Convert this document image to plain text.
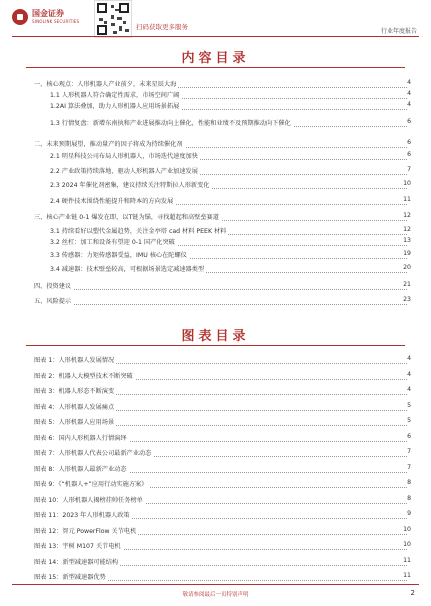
国金证券
SINOLINK SECURITIES
扫码获取更多服务
行业年度报告
内容目录
一、核心观点：人形机器人产业前夕，未来星辰大海	4
1.1 人形机器人符合确定性需求，市场空间广阔	4
1.2AI 算法叠加，助力人形机器人应用场景拓展	4
1.3 行情复盘：新增东南执和产业进展推动向上催化，性能和业绩不及预期推动向下催化	6
二、未来预期展望，推动量产的因子将成为持续催化剂	6
2.1 明星科技公司布局人形机器人，市场迭代速度加快	6
2.2 产业政策持续落地，驱动人形机器人产业加速发展	7
2.3 2024 年催化剂密集，建议持续关注特斯拉人形新变化	10
2.4 硬件技术围绕性能提升和降本的方向发展	11
三、核心产业链 0-1 爆发在即，以T链为锚，寻找超起和高壁垒赛道	12
3.1 持续看好以塑代金属趋势，关注金亭塔 cad 材料 PEEK 材料	12
3.2 丝杠：加工和设备有望迎 0-1 国产化突破	13
3.3 传感器：力矩传感器受益，IMU 核心在陀螺仪	19
3.4 减速器：技术壁垒较高，可根据场景选定减速器类型	20
四、投资建议	21
五、风险提示	23
图表目录
图表 1：人形机器人发展情况	4
图表 2：机器人大模型技术不断突破	4
图表 3：机器人形态不断演变	4
图表 4：人形机器人发展痛点	5
图表 5：人形机器人应用场景	5
图表 6：国内人形机器人行情演绎	6
图表 7：人形机器人代表公司最新产业动态	7
图表 8：人形机器人最新产业动态	7
图表 9：《“机器人+”应用行动实施方案》	8
图表 10：人形机器人揭榜挂帅任务榜单	8
图表 11：2023 年人形机器人政策	9
图表 12：智元 PowerFlow 关节电机	10
图表 13：宇树 M107 关节电机	10
图表 14：新型减速器可能结构	11
图表 15：新型减速器优势	11
敬请参阅最后一页特别声明	2
